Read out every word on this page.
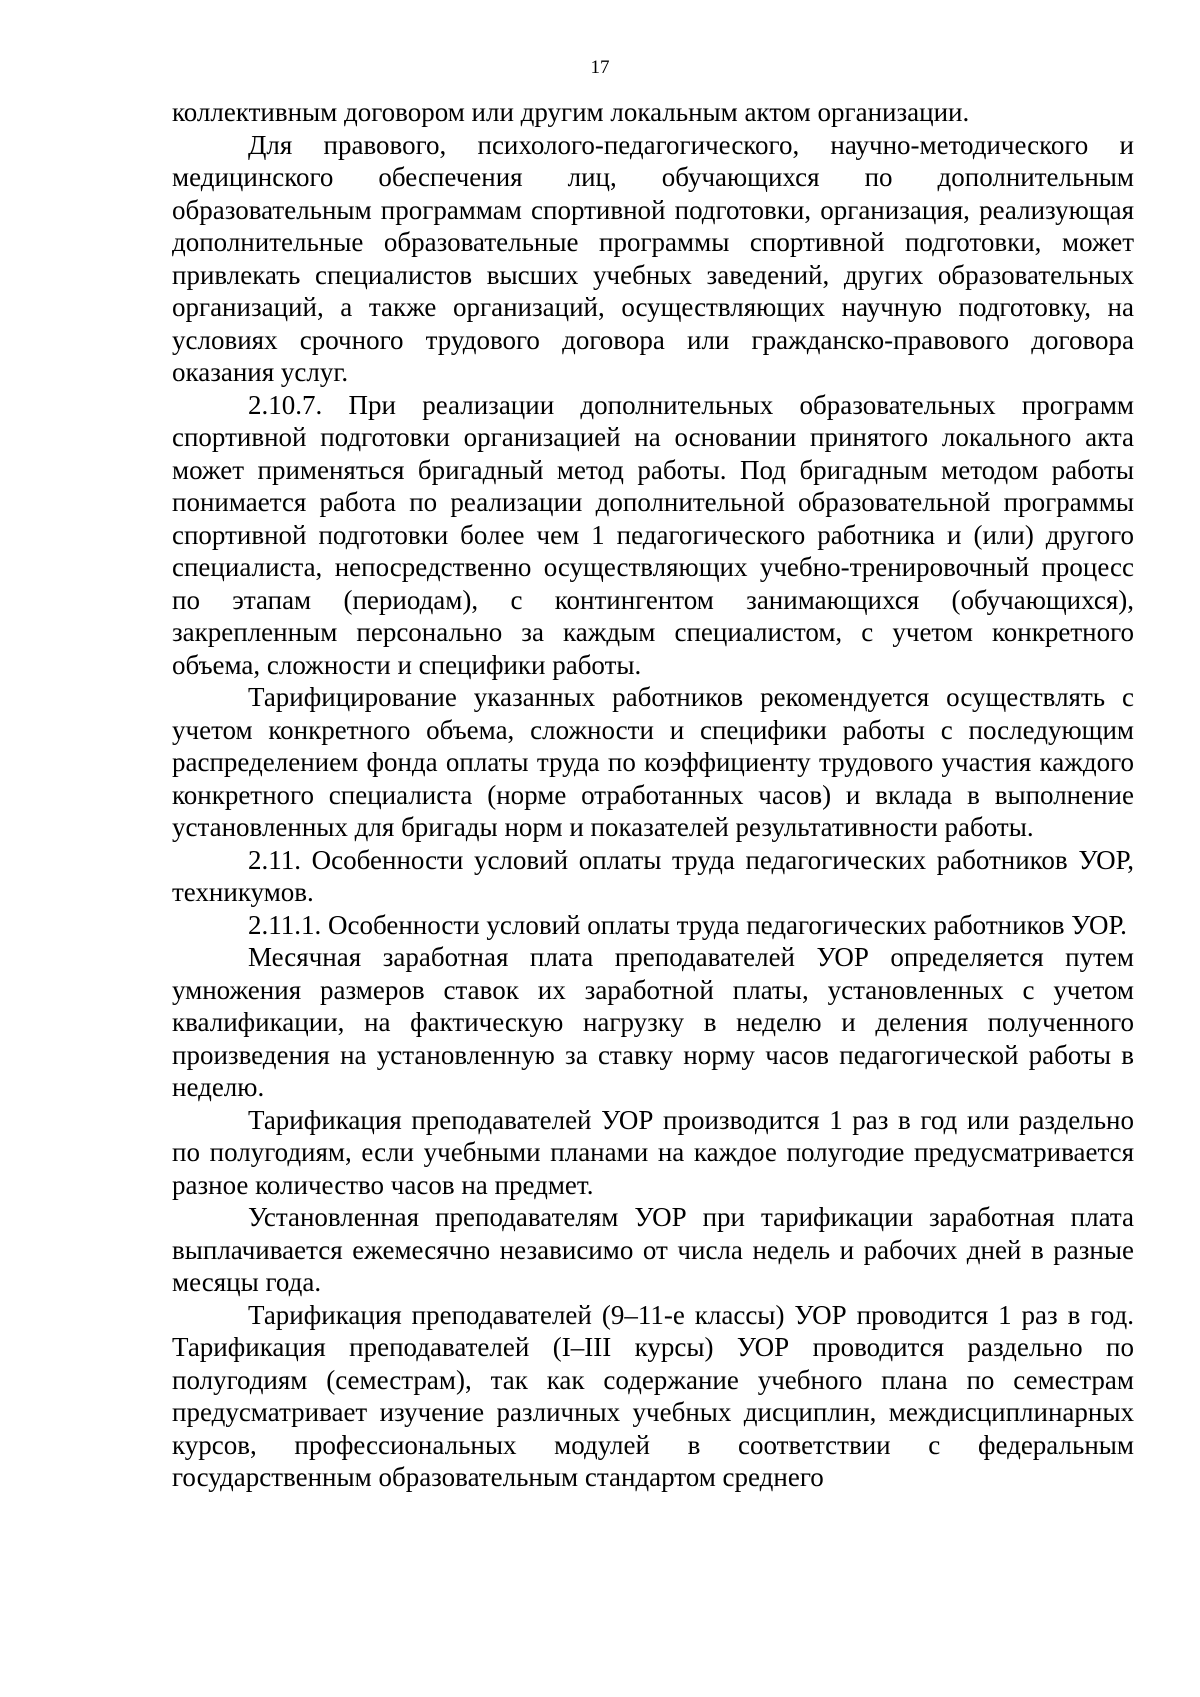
17

коллективным договором или другим локальным актом организации.

Для правового, психолого-педагогического, научно-методического и медицинского обеспечения лиц, обучающихся по дополнительным образовательным программам спортивной подготовки, организация, реализующая дополнительные образовательные программы спортивной подготовки, может привлекать специалистов высших учебных заведений, других образовательных организаций, а также организаций, осуществляющих научную подготовку, на условиях срочного трудового договора или гражданско-правового договора оказания услуг.

2.10.7. При реализации дополнительных образовательных программ спортивной подготовки организацией на основании принятого локального акта может применяться бригадный метод работы. Под бригадным методом работы понимается работа по реализации дополнительной образовательной программы спортивной подготовки более чем 1 педагогического работника и (или) другого специалиста, непосредственно осуществляющих учебно-тренировочный процесс по этапам (периодам), с контингентом занимающихся (обучающихся), закрепленным персонально за каждым специалистом, с учетом конкретного объема, сложности и специфики работы.

Тарифицирование указанных работников рекомендуется осуществлять с учетом конкретного объема, сложности и специфики работы с последующим распределением фонда оплаты труда по коэффициенту трудового участия каждого конкретного специалиста (норме отработанных часов) и вклада в выполнение установленных для бригады норм и показателей результативности работы.

2.11. Особенности условий оплаты труда педагогических работников УОР, техникумов.

2.11.1. Особенности условий оплаты труда педагогических работников УОР.

Месячная заработная плата преподавателей УОР определяется путем умножения размеров ставок их заработной платы, установленных с учетом квалификации, на фактическую нагрузку в неделю и деления полученного произведения на установленную за ставку норму часов педагогической работы в неделю.

Тарификация преподавателей УОР производится 1 раз в год или раздельно по полугодиям, если учебными планами на каждое полугодие предусматривается разное количество часов на предмет.

Установленная преподавателям УОР при тарификации заработная плата выплачивается ежемесячно независимо от числа недель и рабочих дней в разные месяцы года.

Тарификация преподавателей (9–11-е классы) УОР проводится 1 раз в год. Тарификация преподавателей (I–III курсы) УОР проводится раздельно по полугодиям (семестрам), так как содержание учебного плана по семестрам предусматривает изучение различных учебных дисциплин, междисциплинарных курсов, профессиональных модулей в соответствии с федеральным государственным образовательным стандартом среднего
